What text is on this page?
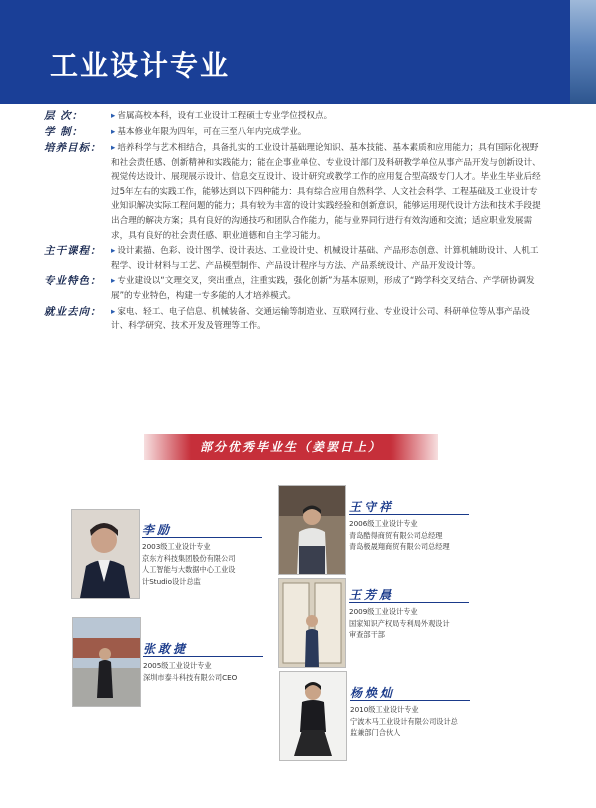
工业设计专业
层 次：	▸ 省属高校本科，设有工业设计工程硕士专业学位授权点。
学 制：	▸ 基本修业年限为四年，可在三至八年内完成学业。
培养目标：	▸ 培养科学与艺术相结合，具备扎实的工业设计基础理论知识、基本技能、基本素质和应用能力；具有国际化视野和社会责任感、创新精神和实践能力；能在企事业单位、专业设计部门及科研教学单位从事产品开发与创新设计、视觉传达设计、展现展示设计、信息交互设计、设计研究或教学工作的应用复合型高级专门人才。毕业生毕业后经过5年左右的实践工作，能够达到以下四种能力：具有综合应用自然科学、人文社会科学、工程基础及工业设计专业知识解决实际工程问题的能力；具有较为丰富的设计实践经验和创新意识，能够运用现代设计方法和技术手段提出合理的解决方案；具有良好的沟通技巧和团队合作能力，能与业界同行进行有效沟通和交流；适应职业发展需求，具有良好的社会责任感、职业道德和自主学习能力。
主干课程：	▸ 设计素描、色彩、设计图学、设计表达、工业设计史、机械设计基础、产品形态创意、计算机辅助设计、人机工程学、设计材料与工艺、产品模型制作、产品设计程序与方法、产品系统设计、产品开发设计等。
专业特色：	▸ 专业建设以“文理交叉，突出重点，注重实践，强化创新”为基本原则，形成了“跨学科交叉结合、产学研协调发展”的专业特色，构建一专多能的人才培养模式。
就业去向：	▸ 家电、轻工、电子信息、机械装备、交通运输等制造业、互联网行业、专业设计公司、科研单位等从事产品设计、科学研究、技术开发及管理等工作。
部分优秀毕业生（姜罢日上）
李励
2003级工业设计专业
京东方科技集团股份有限公司
人工智能与大数据中心工业设
计Studio设计总监
王守祥
2006级工业设计专业
青岛酷得商贸有限公司总经理
青岛极晟翔商贸有限公司总经理
王芳晨
2009级工业设计专业
国家知识产权局专利局外观设计
审查部干部
张敢捷
2005级工业设计专业
深圳市泰斗科技有限公司CEO
杨焕灿
2010级工业设计专业
宁波木马工业设计有限公司设计总
监兼部门合伙人
